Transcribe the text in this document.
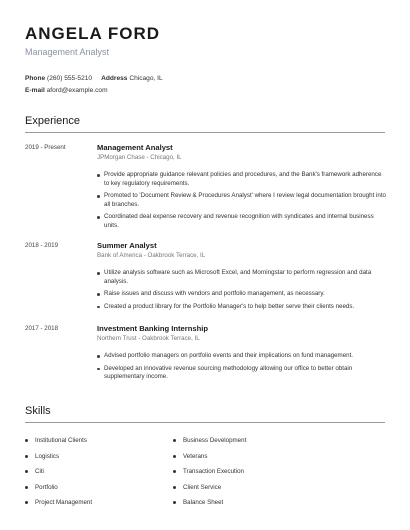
ANGELA FORD
Management Analyst
Phone (260) 555-5210 Address Chicago, IL
E-mail aford@example.com
Experience
2019 - Present	Management Analyst
JPMorgan Chase - Chicago, IL
Provide appropriate guidance relevant policies and procedures, and the Bank's framework adherence to key regulatory requirements.
Promoted to 'Document Review & Procedures Analyst' where I review legal documentation brought into all branches.
Coordinated deal expense recovery and revenue recognition with syndicates and internal business units.
2018 - 2019	Summer Analyst
Bank of America - Oakbrook Terrace, IL
Utilize analysis software such as Microsoft Excel, and Morningstar to perform regression and data analysis.
Raise issues and discuss with vendors and portfolio management, as necessary.
Created a product library for the Portfolio Manager's to help better serve their clients needs.
2017 - 2018	Investment Banking Internship
Northern Trust - Oakbrook Terrace, IL
Advised portfolio managers on portfolio events and their implications on fund management.
Developed an innovative revenue sourcing methodology allowing our office to better obtain supplementary income.
Skills
Institutional Clients	Business Development
Logistics	Veterans
Citi	Transaction Execution
Portfolio	Client Service
Project Management	Balance Sheet
